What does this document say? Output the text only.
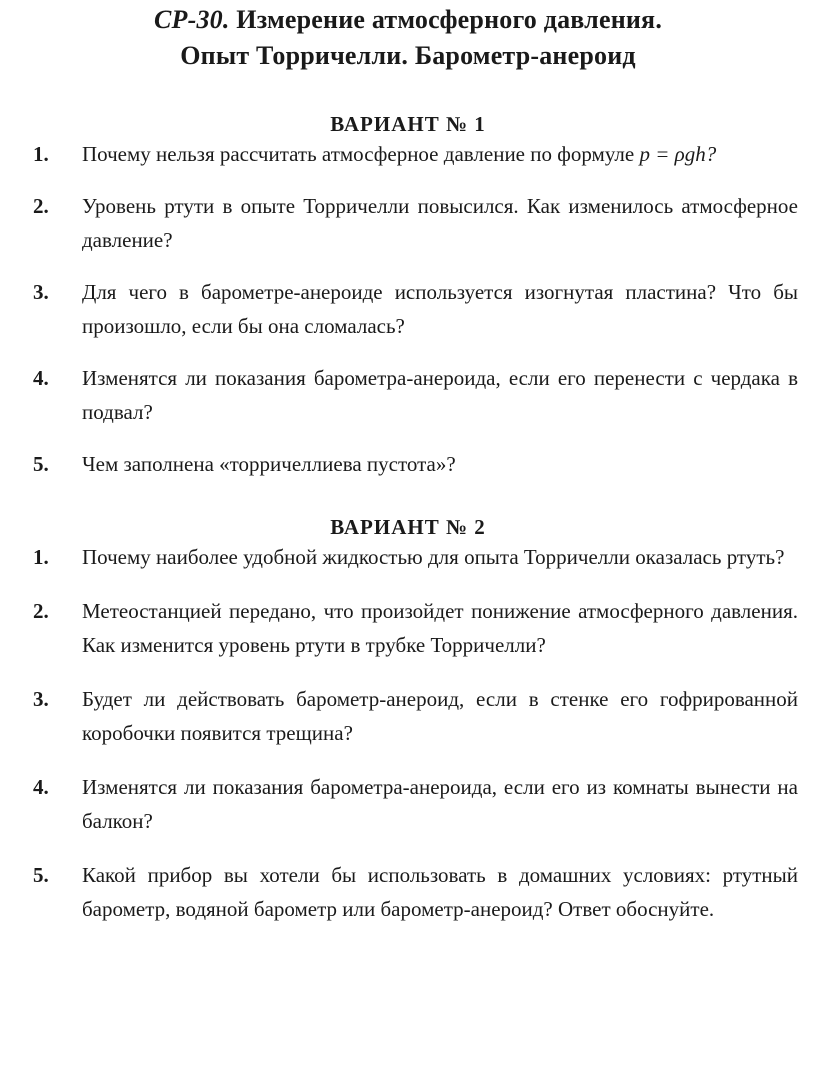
СР-30. Измерение атмосферного давления.
Опыт Торричелли. Барометр-анероид
ВАРИАНТ № 1
1. Почему нельзя рассчитать атмосферное давление по формуле p = ρgh?
2. Уровень ртути в опыте Торричелли повысился. Как изменилось атмосферное давление?
3. Для чего в барометре-анероиде используется изогнутая пластина? Что бы произошло, если бы она сломалась?
4. Изменятся ли показания барометра-анероида, если его перенести с чердака в подвал?
5. Чем заполнена «торричеллиева пустота»?
ВАРИАНТ № 2
1. Почему наиболее удобной жидкостью для опыта Торричелли оказалась ртуть?
2. Метеостанцией передано, что произойдет понижение атмосферного давления. Как изменится уровень ртути в трубке Торричелли?
3. Будет ли действовать барометр-анероид, если в стенке его гофрированной коробочки появится трещина?
4. Изменятся ли показания барометра-анероида, если его из комнаты вынести на балкон?
5. Какой прибор вы хотели бы использовать в домашних условиях: ртутный барометр, водяной барометр или барометр-анероид? Ответ обоснуйте.
